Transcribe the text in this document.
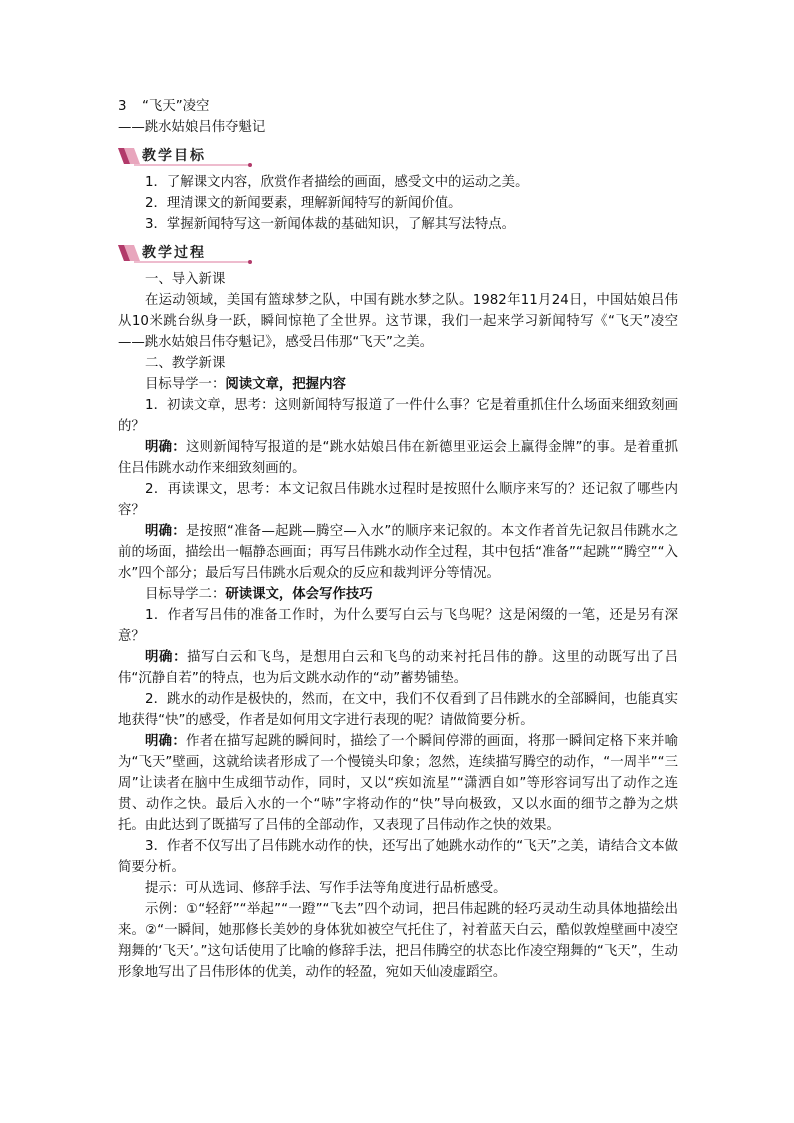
3 “飞天”凌空

——跳水姑娘吕伟夺魁记

教学目标

1．了解课文内容，欣赏作者描绘的画面，感受文中的运动之美。

2．理清课文的新闻要素，理解新闻特写的新闻价值。

3．掌握新闻特写这一新闻体裁的基础知识，了解其写法特点。

教学过程

一、导入新课

在运动领域，美国有篮球梦之队，中国有跳水梦之队。1982年11月24日，中国姑娘吕伟从10米跳台纵身一跃，瞬间惊艳了全世界。这节课，我们一起来学习新闻特写《“飞天”凌空——跳水姑娘吕伟夺魁记》，感受吕伟那“飞天”之美。

二、教学新课

目标导学一：阅读文章，把握内容

1．初读文章，思考：这则新闻特写报道了一件什么事？它是着重抓住什么场面来细致刻画的？

明确：这则新闻特写报道的是“跳水姑娘吕伟在新德里亚运会上赢得金牌”的事。是着重抓住吕伟跳水动作来细致刻画的。

2．再读课文，思考：本文记叙吕伟跳水过程时是按照什么顺序来写的？还记叙了哪些内容？

明确：是按照“准备—起跳—腾空—入水”的顺序来记叙的。本文作者首先记叙吕伟跳水之前的场面，描绘出一幅静态画面；再写吕伟跳水动作全过程，其中包括“准备”“起跳”“腾空”“入水”四个部分；最后写吕伟跳水后观众的反应和裁判评分等情况。

目标导学二：研读课文，体会写作技巧

1．作者写吕伟的准备工作时，为什么要写白云与飞鸟呢？这是闲缀的一笔，还是另有深意？

明确：描写白云和飞鸟，是想用白云和飞鸟的动来衬托吕伟的静。这里的动既写出了吕伟“沉静自若”的特点，也为后文跳水动作的“动”蓄势铺垫。

2．跳水的动作是极快的，然而，在文中，我们不仅看到了吕伟跳水的全部瞬间，也能真实地获得“快”的感受，作者是如何用文字进行表现的呢？请做简要分析。

明确：作者在描写起跳的瞬间时，描绘了一个瞬间停滞的画面，将那一瞬间定格下来并喻为“飞天”壁画，这就给读者形成了一个慢镜头印象；忽然，连续描写腾空的动作，“一周半”“三周”让读者在脑中生成细节动作，同时，又以“疾如流星”“潇洒自如”等形容词写出了动作之连贯、动作之快。最后入水的一个“哧”字将动作的“快”导向极致，又以水面的细节之静为之烘托。由此达到了既描写了吕伟的全部动作，又表现了吕伟动作之快的效果。

3．作者不仅写出了吕伟跳水动作的快，还写出了她跳水动作的“飞天”之美，请结合文本做简要分析。

提示：可从选词、修辞手法、写作手法等角度进行品析感受。

示例：①“轻舒”“举起”“一蹬”“飞去”四个动词，把吕伟起跳的轻巧灵动生动具体地描绘出来。②“一瞬间，她那修长美妙的身体犹如被空气托住了，衬着蓝天白云，酷似敦煌壁画中凌空翔舞的‘飞天’。”这句话使用了比喻的修辞手法，把吕伟腾空的状态比作凌空翔舞的“飞天”，生动形象地写出了吕伟形体的优美，动作的轻盈，宛如天仙凌虚蹈空。
